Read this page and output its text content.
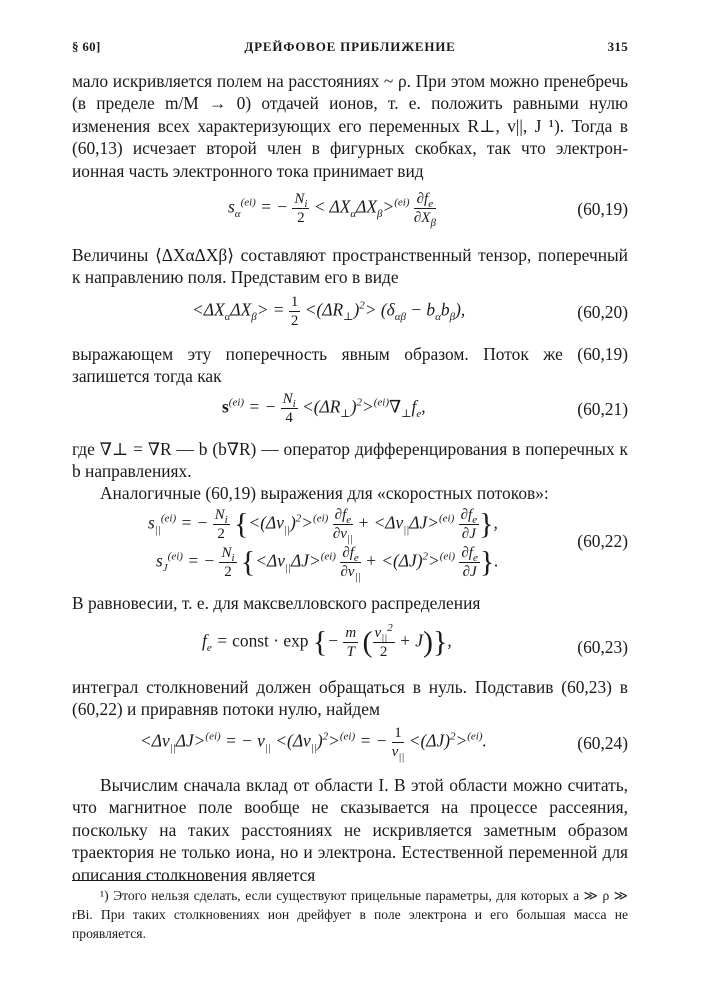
§ 60]	ДРЕЙФОВОЕ ПРИБЛИЖЕНИЕ	315

мало искривляется полем на расстояниях ~ ρ. При этом можно пренебречь (в пределе m/M → 0) отдачей ионов, т. е. положить равными нулю изменения всех характеризующих его переменных R⊥, v||, J ¹). Тогда в (60,13) исчезает второй член в фигурных скобках, так что электрон-ионная часть электронного тока принимает вид

$s_\alpha^{(ei)}$ = − $\frac{N_i}{2} < \Delta X_\alpha\Delta X_\beta>^{(ei)} \frac{\partial f_e}{\partial X_\beta}$	(60,19)

Величины ⟨ΔXαΔXβ⟩ составляют пространственный тензор, поперечный к направлению поля. Представим его в виде

$<\Delta X_\alpha\Delta X_\beta> = \frac{1}{2} <(\Delta R_\perp)^2> (\delta_{\alpha\beta} - b_\alpha b_\beta)$,	(60,20)

выражающем эту поперечность явным образом. Поток же (60,19) запишется тогда как

$s^{(ei)}$ = − $\frac{N_i}{4} <(\Delta R_\perp)^2>^{(ei)}\nabla_\perp f_e$,	(60,21)

где ∇⊥ = ∇R — b (b∇R) — оператор дифференцирования в поперечных к b направлениях.

Аналогичные (60,19) выражения для «скоростных потоков»:

$s_{||}^{(ei)}$ = − $\frac{N_i}{2} \{<(\Delta v_{||})^2>^{(ei)} \frac{\partial f_e}{\partial v_{||}} + <\Delta v_{||}\Delta J>^{(ei)} \frac{\partial f_e}{\partial J}$ },
$s_J^{(ei)}$ = − $\frac{N_i}{2} \{<\Delta v_{||}\Delta J>^{(ei)} \frac{\partial f_e}{\partial v_{||}} + <(\Delta J)^2>^{(ei)} \frac{\partial f_e}{\partial J}$ }.
(60,22)

В равновесии, т. е. для максвелловского распределения

$f_e$ = const · exp {− $\frac{m}{T}$ ( $\frac{v_{||}^2}{2} + J$)},	(60,23)

интеграл столкновений должен обращаться в нуль. Подставив (60,23) в (60,22) и приравняв потоки нулю, найдем

$<\Delta v_{||}\Delta J>^{(ei)}$ = − $v_{||} <(\Delta v_{||})^2>^{(ei)}$ = − $\frac{1}{v_{||}} <(\Delta J)^2>^{(ei)}$.	(60,24)

Вычислим сначала вклад от области I. В этой области можно считать, что магнитное поле вообще не сказывается на процессе рассеяния, поскольку на таких расстояниях не искривляется заметным образом траектория не только иона, но и электрона. Естественной переменной для описания столкновения является

¹) Этого нельзя сделать, если существуют прицельные параметры, для которых a ≫ ρ ≫ rBi. При таких столкновениях ион дрейфует в поле электрона и его большая масса не проявляется.
